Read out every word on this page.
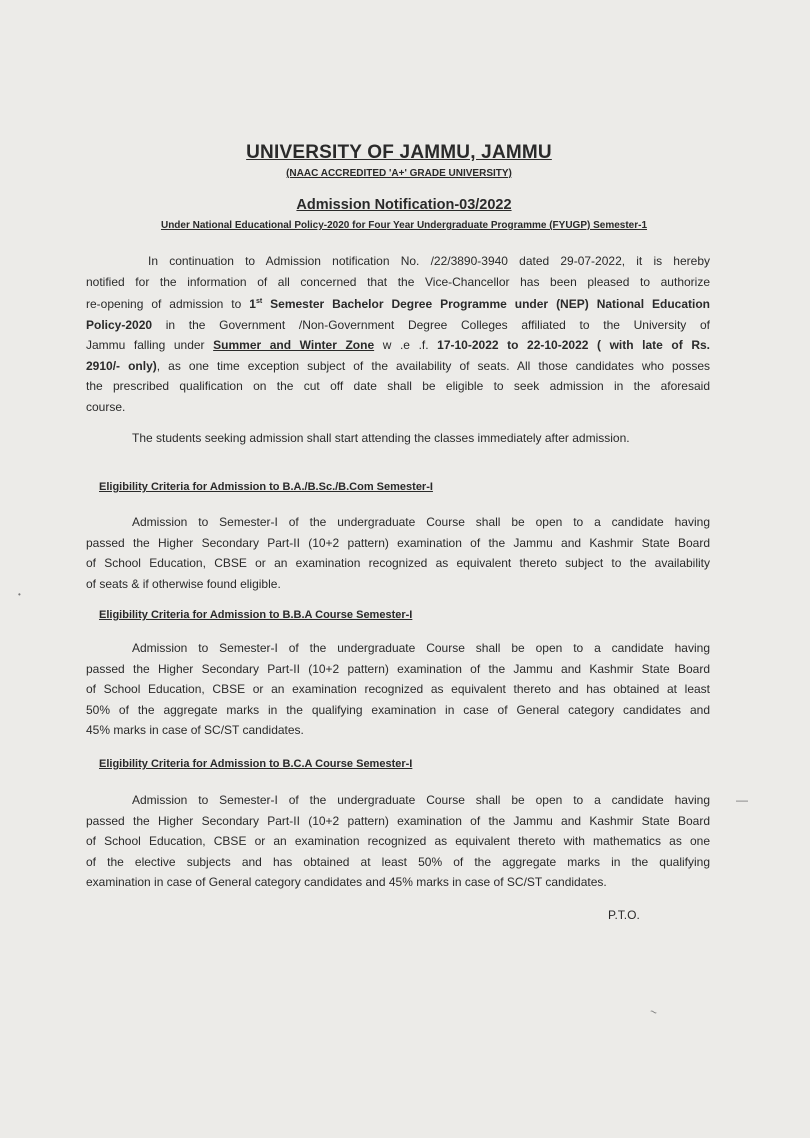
UNIVERSITY OF JAMMU, JAMMU
(NAAC ACCREDITED 'A+' GRADE UNIVERSITY)
Admission Notification-03/2022
Under National Educational Policy-2020 for Four Year Undergraduate Programme (FYUGP) Semester-1
In continuation to Admission notification No. /22/3890-3940 dated 29-07-2022, it is hereby
notified for the information of all concerned that the Vice-Chancellor has been pleased to authorize
re-opening of admission to 1st Semester Bachelor Degree Programme under (NEP) National Education
Policy-2020 in the Government /Non-Government Degree Colleges affiliated to the University of
Jammu falling under Summer and Winter Zone w .e .f. 17-10-2022 to 22-10-2022 ( with late of Rs.
2910/- only), as one time exception subject of the availability of seats. All those candidates who posses
the prescribed qualification on the cut off date shall be eligible to seek admission in the aforesaid
course.
The students seeking admission shall start attending the classes immediately after admission.
Eligibility Criteria for Admission to B.A./B.Sc./B.Com Semester-I
Admission to Semester-I of the undergraduate Course shall be open to a candidate having
passed the Higher Secondary Part-II (10+2 pattern) examination of the Jammu and Kashmir State Board
of School Education, CBSE or an examination recognized as equivalent thereto subject to the availability
of seats & if otherwise found eligible.
Eligibility Criteria for Admission to B.B.A Course Semester-I
Admission to Semester-I of the undergraduate Course shall be open to a candidate having
passed the Higher Secondary Part-II (10+2 pattern) examination of the Jammu and Kashmir State Board
of School Education, CBSE or an examination recognized as equivalent thereto and has obtained at least
50% of the aggregate marks in the qualifying examination in case of General category candidates and
45% marks in case of SC/ST candidates.
Eligibility Criteria for Admission to B.C.A Course Semester-I
Admission to Semester-I of the undergraduate Course shall be open to a candidate having
passed the Higher Secondary Part-II (10+2 pattern) examination of the Jammu and Kashmir State Board
of School Education, CBSE or an examination recognized as equivalent thereto with mathematics as one
of the elective subjects and has obtained at least 50% of the aggregate marks in the qualifying
examination in case of General category candidates and 45% marks in case of SC/ST candidates.
P.T.O.
—
~
•
